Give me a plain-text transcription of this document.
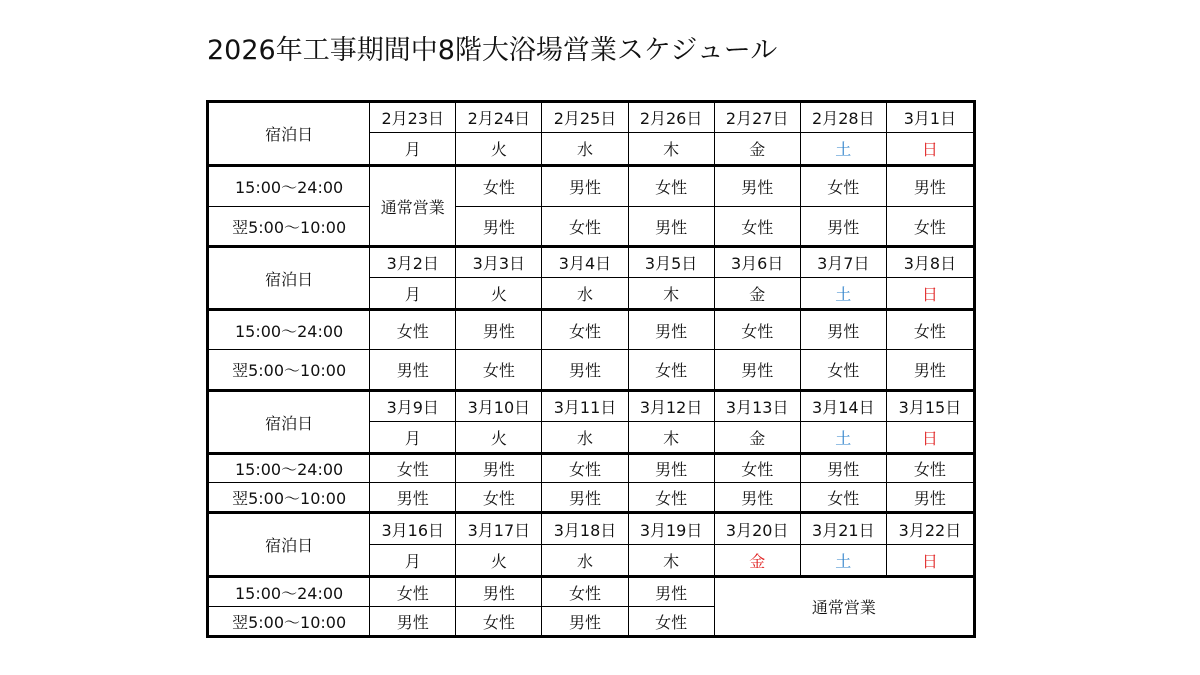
2026年工事期間中8階大浴場営業スケジュール
宿泊日	2月23日	2月24日	2月25日	2月26日	2月27日	2月28日	3月1日
	月	火	水	木	金	土	日
15:00～24:00	通常営業	女性	男性	女性	男性	女性	男性
翌5:00～10:00		男性	女性	男性	女性	男性	女性
宿泊日	3月2日	3月3日	3月4日	3月5日	3月6日	3月7日	3月8日
	月	火	水	木	金	土	日
15:00～24:00	女性	男性	女性	男性	女性	男性	女性
翌5:00～10:00	男性	女性	男性	女性	男性	女性	男性
宿泊日	3月9日	3月10日	3月11日	3月12日	3月13日	3月14日	3月15日
	月	火	水	木	金	土	日
15:00～24:00	女性	男性	女性	男性	女性	男性	女性
翌5:00～10:00	男性	女性	男性	女性	男性	女性	男性
宿泊日	3月16日	3月17日	3月18日	3月19日	3月20日	3月21日	3月22日
	月	火	水	木	金	土	日
15:00～24:00	女性	男性	女性	男性	通常営業		
翌5:00～10:00	男性	女性	男性	女性			
